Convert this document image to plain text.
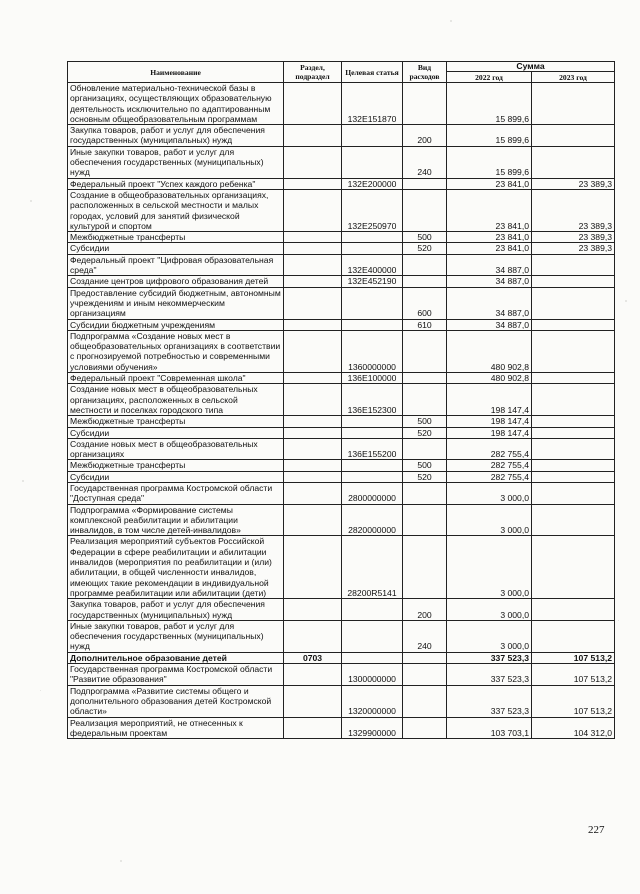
Наименование	Раздел, подраздел	Целевая статья	Вид расходов	Сумма	
				2022 год	2023 год
Обновление материально-технической базы в организациях, осуществляющих образовательную деятельность исключительно по адаптированным основным общеобразовательным программам		132Е151870		15 899,6	
Закупка товаров, работ и услуг для обеспечения государственных (муниципальных) нужд			200	15 899,6	
Иные закупки товаров, работ и услуг для обеспечения государственных (муниципальных) нужд			240	15 899,6	
Федеральный проект "Успех каждого ребенка"		132Е200000		23 841,0	23 389,3
Создание в общеобразовательных организациях, расположенных в сельской местности и малых городах, условий для занятий физической культурой и спортом		132Е250970		23 841,0	23 389,3
Межбюджетные трансферты			500	23 841,0	23 389,3
Субсидии			520	23 841,0	23 389,3
Федеральный проект "Цифровая образовательная среда"		132Е400000		34 887,0	
Создание центров цифрового образования детей		132Е452190		34 887,0	
Предоставление субсидий бюджетным, автономным учреждениям и иным некоммерческим организациям			600	34 887,0	
Субсидии бюджетным учреждениям			610	34 887,0	
Подпрограмма «Создание новых мест в общеобразовательных организациях в соответствии с прогнозируемой потребностью и современными условиями обучения»		1360000000		480 902,8	
Федеральный проект "Современная школа"		136Е100000		480 902,8	
Создание новых мест в общеобразовательных организациях, расположенных в сельской местности и поселках городского типа		136Е152300		198 147,4	
Межбюджетные трансферты			500	198 147,4	
Субсидии			520	198 147,4	
Создание новых мест в общеобразовательных организациях		136Е155200		282 755,4	
Межбюджетные трансферты			500	282 755,4	
Субсидии			520	282 755,4	
Государственная программа Костромской области "Доступная среда"		2800000000		3 000,0	
Подпрограмма «Формирование системы комплексной реабилитации и абилитации инвалидов, в том числе детей-инвалидов»		2820000000		3 000,0	
Реализация мероприятий субъектов Российской Федерации в сфере реабилитации и абилитации инвалидов (мероприятия по реабилитации и (или) абилитации, в общей численности инвалидов, имеющих такие рекомендации в индивидуальной программе реабилитации или абилитации (дети)		28200R5141		3 000,0	
Закупка товаров, работ и услуг для обеспечения государственных (муниципальных) нужд			200	3 000,0	
Иные закупки товаров, работ и услуг для обеспечения государственных (муниципальных) нужд			240	3 000,0	
Дополнительное образование детей	0703			337 523,3	107 513,2
Государственная программа Костромской области "Развитие образования"		1300000000		337 523,3	107 513,2
Подпрограмма «Развитие системы общего и дополнительного образования детей Костромской области»		1320000000		337 523,3	107 513,2
Реализация мероприятий, не отнесенных к федеральным проектам		1329900000		103 703,1	104 312,0
227
